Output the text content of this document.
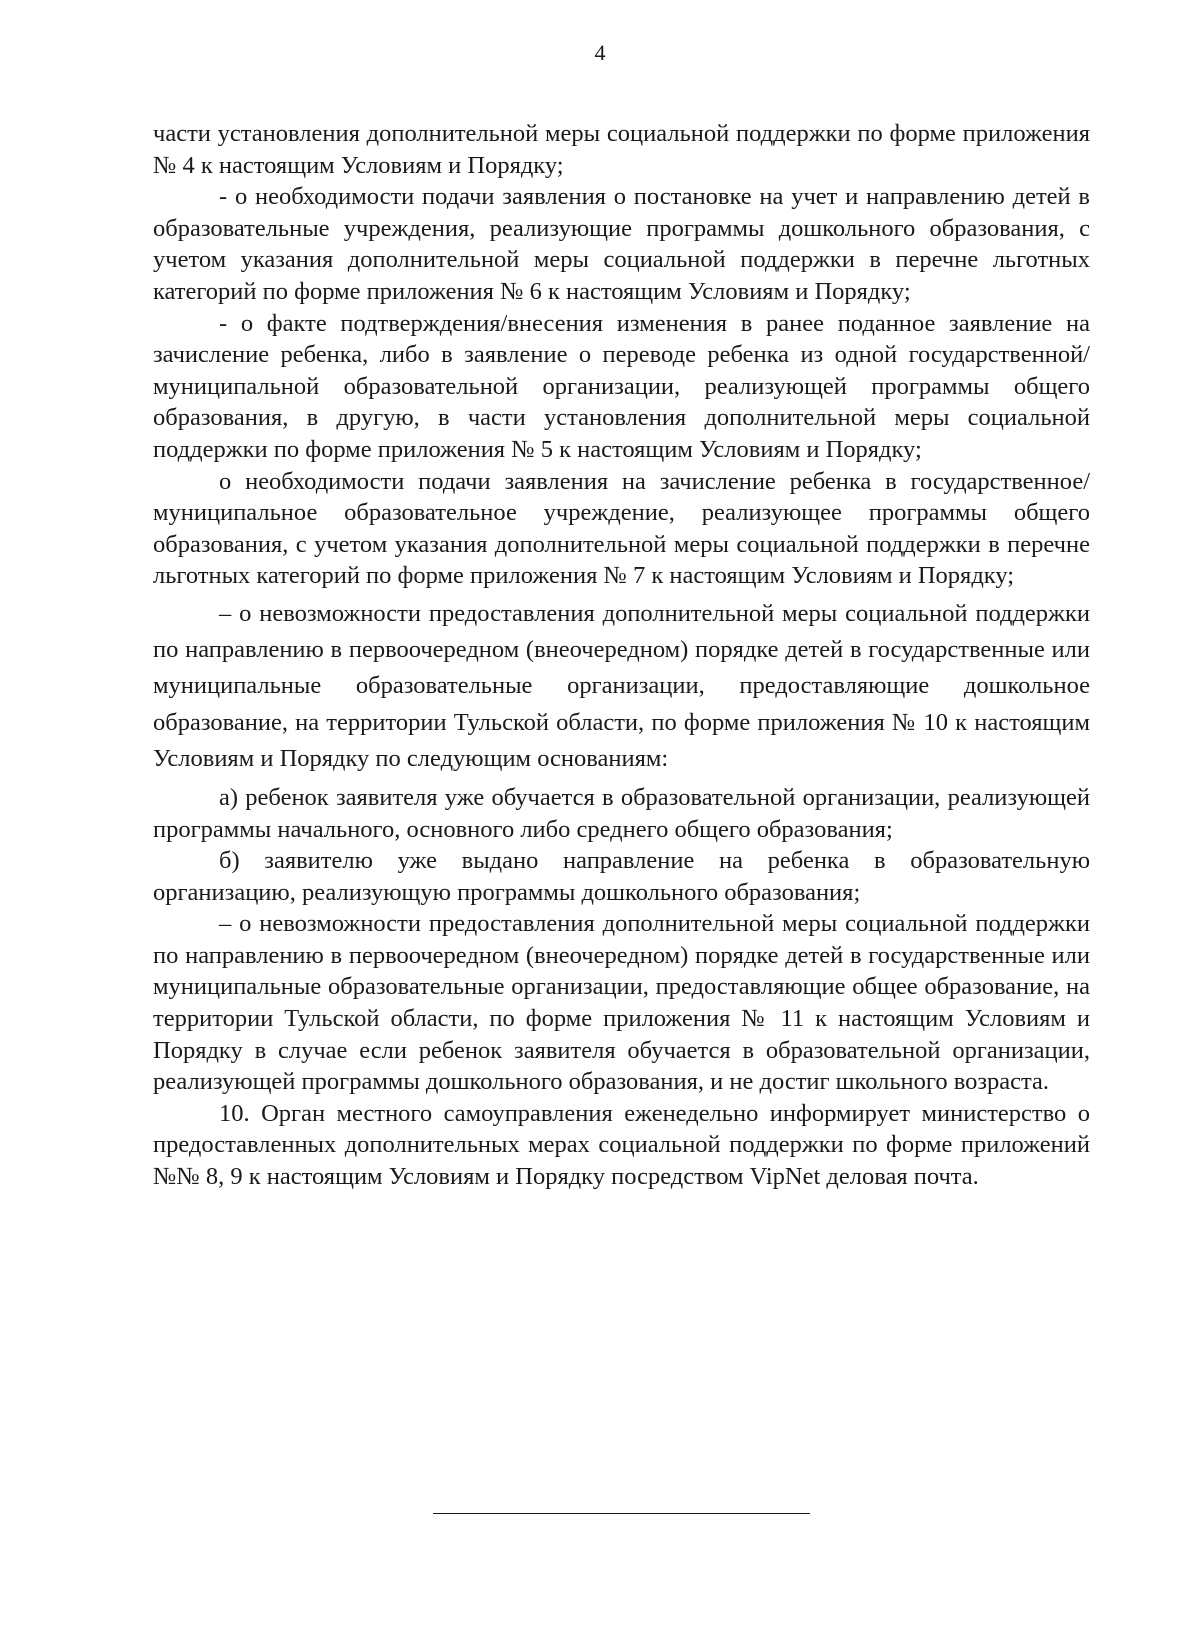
4

части установления дополнительной меры социальной поддержки по форме приложения № 4 к настоящим Условиям и Порядку;

- о необходимости подачи заявления о постановке на учет и направлению детей в образовательные учреждения, реализующие программы дошкольного образования, с учетом указания дополнительной меры социальной поддержки в перечне льготных категорий по форме приложения № 6 к настоящим Условиям и Порядку;

- о факте подтверждения/внесения изменения в ранее поданное заявление на зачисление ребенка, либо в заявление о переводе ребенка из одной государственной/муниципальной образовательной организации, реализующей программы общего образования, в другую, в части установления дополнительной меры социальной поддержки по форме приложения № 5 к настоящим Условиям и Порядку;

о необходимости подачи заявления на зачисление ребенка в государственное/муниципальное образовательное учреждение, реализующее программы общего образования, с учетом указания дополнительной меры социальной поддержки в перечне льготных категорий по форме приложения № 7 к настоящим Условиям и Порядку;

– о невозможности предоставления дополнительной меры социальной поддержки по направлению в первоочередном (внеочередном) порядке детей в государственные или муниципальные образовательные организации, предоставляющие дошкольное образование, на территории Тульской области, по форме приложения № 10 к настоящим Условиям и Порядку по следующим основаниям:

а) ребенок заявителя уже обучается в образовательной организации, реализующей программы начального, основного либо среднего общего образования;

б) заявителю уже выдано направление на ребенка в образовательную организацию, реализующую программы дошкольного образования;

– о невозможности предоставления дополнительной меры социальной поддержки по направлению в первоочередном (внеочередном) порядке детей в государственные или муниципальные образовательные организации, предоставляющие общее образование, на территории Тульской области, по форме приложения № 11 к настоящим Условиям и Порядку в случае если ребенок заявителя обучается в образовательной организации, реализующей программы дошкольного образования, и не достиг школьного возраста.

10. Орган местного самоуправления еженедельно информирует министерство о предоставленных дополнительных мерах социальной поддержки по форме приложений №№ 8, 9 к настоящим Условиям и Порядку посредством VipNet деловая почта.
